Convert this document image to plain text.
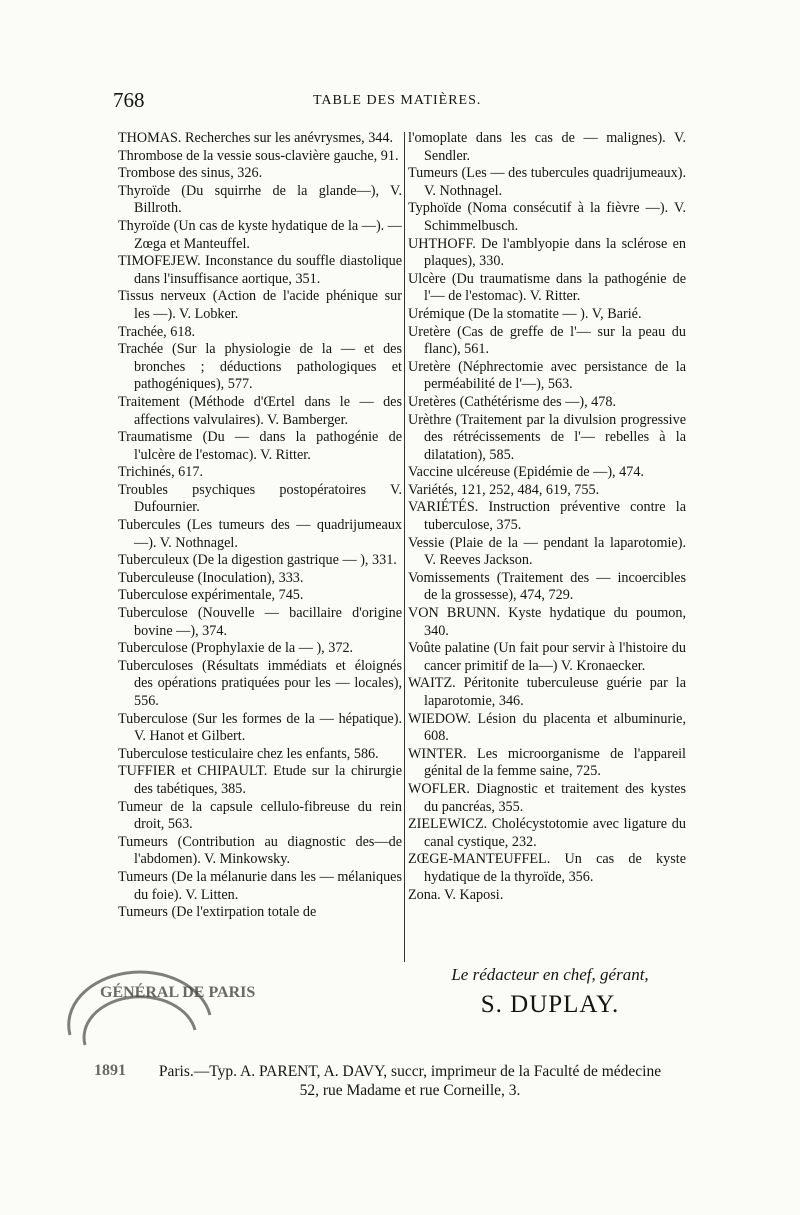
768	TABLE DES MATIÈRES.

THOMAS. Recherches sur les anévrysmes, 344.

Thrombose de la vessie sous-clavière gauche, 91.

Trombose des sinus, 326.

Thyroïde (Du squirrhe de la glande—), V. Billroth.

Thyroïde (Un cas de kyste hydatique de la —). — Zœga et Manteuffel.

TIMOFEJEW. Inconstance du souffle diastolique dans l'insuffisance aortique, 351.

Tissus nerveux (Action de l'acide phénique sur les —). V. Lobker.

Trachée, 618.

Trachée (Sur la physiologie de la — et des bronches ; déductions pathologiques et pathogéniques), 577.

Traitement (Méthode d'Œrtel dans le — des affections valvulaires). V. Bamberger.

Traumatisme (Du — dans la pathogénie de l'ulcère de l'estomac). V. Ritter.

Trichinés, 617.

Troubles psychiques postopératoires V. Dufournier.

Tubercules (Les tumeurs des — quadrijumeaux—). V. Nothnagel.

Tuberculeux (De la digestion gastrique — ), 331.

Tuberculeuse (Inoculation), 333.

Tuberculose expérimentale, 745.

Tuberculose (Nouvelle — bacillaire d'origine bovine —), 374.

Tuberculose (Prophylaxie de la — ), 372.

Tuberculoses (Résultats immédiats et éloignés des opérations pratiquées pour les — locales), 556.

Tuberculose (Sur les formes de la — hépatique). V. Hanot et Gilbert.

Tuberculose testiculaire chez les enfants, 586.

TUFFIER et CHIPAULT. Etude sur la chirurgie des tabétiques, 385.

Tumeur de la capsule cellulo-fibreuse du rein droit, 563.

Tumeurs (Contribution au diagnostic des—de l'abdomen). V. Minkowsky.

Tumeurs (De la mélanurie dans les — mélaniques du foie). V. Litten.

Tumeurs (De l'extirpation totale de

l'omoplate dans les cas de — malignes). V. Sendler.

Tumeurs (Les — des tubercules quadrijumeaux). V. Nothnagel.

Typhoïde (Noma consécutif à la fièvre —). V. Schimmelbusch.

UHTHOFF. De l'amblyopie dans la sclérose en plaques), 330.

Ulcère (Du traumatisme dans la pathogénie de l'— de l'estomac). V. Ritter.

Urémique (De la stomatite — ). V, Barié.

Uretère (Cas de greffe de l'— sur la peau du flanc), 561.

Uretère (Néphrectomie avec persistance de la perméabilité de l'—), 563.

Uretères (Cathétérisme des —), 478.

Urèthre (Traitement par la divulsion progressive des rétrécissements de l'— rebelles à la dilatation), 585.

Vaccine ulcéreuse (Epidémie de —), 474.

Variétés, 121, 252, 484, 619, 755.

VARIÉTÉS. Instruction préventive contre la tuberculose, 375.

Vessie (Plaie de la — pendant la laparotomie). V. Reeves Jackson.

Vomissements (Traitement des — incoercibles de la grossesse), 474, 729.

VON BRUNN. Kyste hydatique du poumon, 340.

Voûte palatine (Un fait pour servir à l'histoire du cancer primitif de la—) V. Kronaecker.

WAITZ. Péritonite tuberculeuse guérie par la laparotomie, 346.

WIEDOW. Lésion du placenta et albuminurie, 608.

WINTER. Les microorganisme de l'appareil génital de la femme saine, 725.

WOFLER. Diagnostic et traitement des kystes du pancréas, 355.

ZIELEWICZ. Cholécystotomie avec ligature du canal cystique, 232.

ZŒGE-MANTEUFFEL. Un cas de kyste hydatique de la thyroïde, 356.

Zona. V. Kaposi.

GÉNÉRAL DE PARIS
1891
Le rédacteur en chef, gérant,
S. DUPLAY.
Paris.—Typ. A. PARENT, A. DAVY, succr, imprimeur de la Faculté de médecine
52, rue Madame et rue Corneille, 3.
